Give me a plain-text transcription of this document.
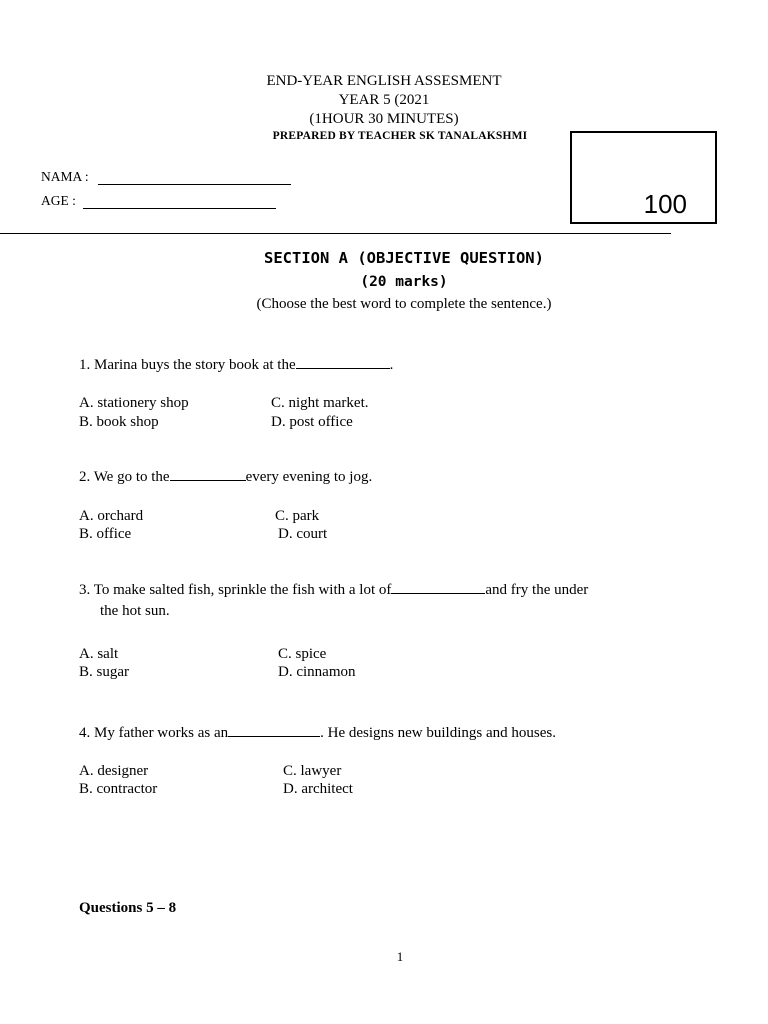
END-YEAR ENGLISH ASSESMENT
YEAR 5 (2021
(1HOUR 30 MINUTES)
PREPARED BY TEACHER SK TANALAKSHMI
NAMA :
AGE :	100
SECTION A (OBJECTIVE QUESTION)
(20 marks)
(Choose the best word to complete the sentence.)
1. Marina buys the story book at the	.
A. stationery shop
B. book shop
C. night market.
D. post office
2. We go to the	every evening to jog.
A. orchard
B. office
C. park
D. court
3. To make salted fish, sprinkle the fish with a lot of	and fry the under
the hot sun.
A. salt
B. sugar
C. spice
D. cinnamon
4. My father works as an	. He designs new buildings and houses.
A. designer
B. contractor
C. lawyer
D. architect
Questions 5 – 8
1
